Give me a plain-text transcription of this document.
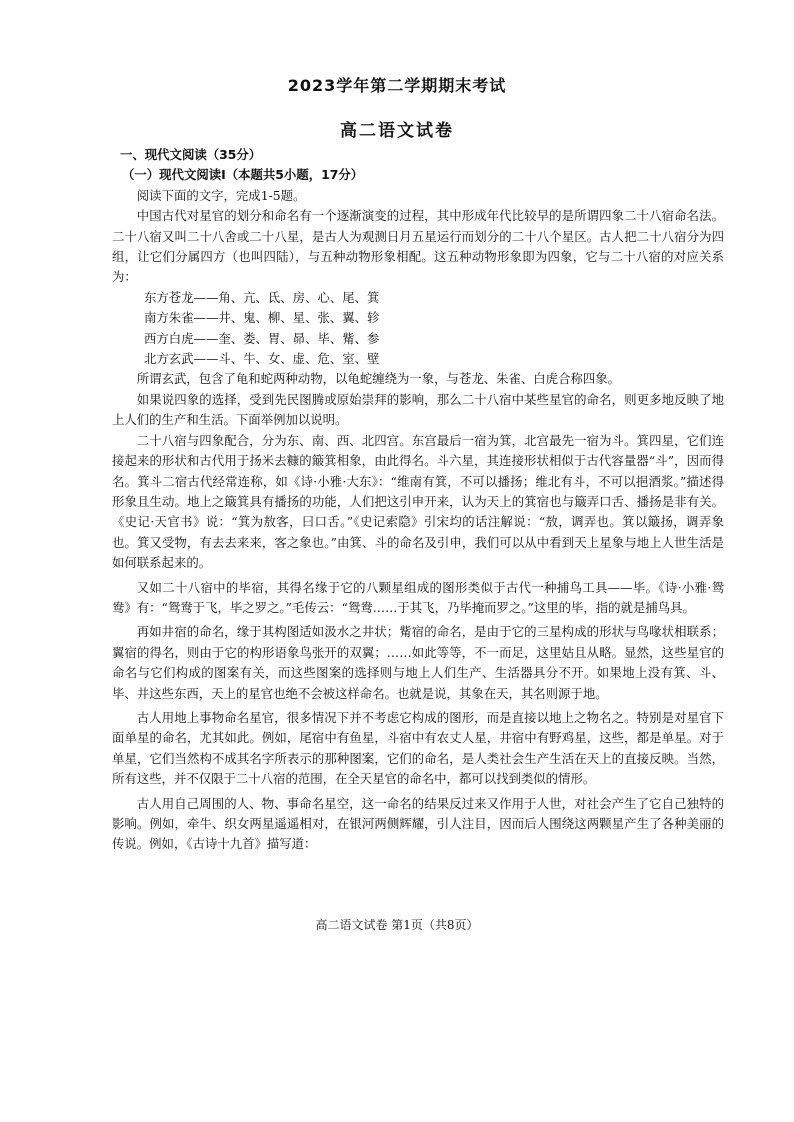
2023学年第二学期期末考试
高二语文试卷
一、现代文阅读（35分）
（一）现代文阅读Ⅰ（本题共5小题，17分）

阅读下面的文字，完成1-5题。

中国古代对星官的划分和命名有一个逐渐演变的过程，其中形成年代比较早的是所谓四象二十八宿命名法。二十八宿又叫二十八舍或二十八星，是古人为观测日月五星运行而划分的二十八个星区。古人把二十八宿分为四组，让它们分属四方（也叫四陆），与五种动物形象相配。这五种动物形象即为四象，它与二十八宿的对应关系为：

东方苍龙——角、亢、氐、房、心、尾、箕
南方朱雀——井、鬼、柳、星、张、翼、轸
西方白虎——奎、娄、胃、昴、毕、觜、参
北方玄武——斗、牛、女、虚、危、室、壁

所谓玄武，包含了龟和蛇两种动物，以龟蛇缠绕为一象，与苍龙、朱雀、白虎合称四象。

如果说四象的选择，受到先民图腾或原始崇拜的影响，那么二十八宿中某些星官的命名，则更多地反映了地上人们的生产和生活。下面举例加以说明。

二十八宿与四象配合，分为东、南、西、北四宫。东宫最后一宿为箕，北宫最先一宿为斗。箕四星，它们连接起来的形状和古代用于扬米去糠的簸箕相象，由此得名。斗六星，其连接形状相似于古代容量器“斗”，因而得名。箕斗二宿古代经常连称，如《诗·小雅·大东》：“维南有箕，不可以播扬；维北有斗，不可以挹酒浆。”描述得形象且生动。地上之簸箕具有播扬的功能，人们把这引申开来，认为天上的箕宿也与簸弄口舌、播扬是非有关。《史记·天官书》说：“箕为敖客，曰口舌。”《史记索隐》引宋均的话注解说：“敖，调弄也。箕以簸扬，调弄象也。箕又受物，有去去来来，客之象也。”由箕、斗的命名及引申，我们可以从中看到天上星象与地上人世生活是如何联系起来的。

又如二十八宿中的毕宿，其得名缘于它的八颗星组成的图形类似于古代一种捕鸟工具——毕。《诗·小雅·鸳鸯》有：“鸳鸯于飞，毕之罗之。”毛传云：“鸳鸯……于其飞，乃毕掩而罗之。”这里的毕，指的就是捕鸟具。

再如井宿的命名，缘于其构图适如汲水之井状；觜宿的命名，是由于它的三星构成的形状与鸟喙状相联系；翼宿的得名，则由于它的构形语象鸟张开的双翼；……如此等等，不一而足，这里姑且从略。显然，这些星官的命名与它们构成的图案有关，而这些图案的选择则与地上人们生产、生活器具分不开。如果地上没有箕、斗、毕、井这些东西，天上的星官也绝不会被这样命名。也就是说，其象在天，其名则源于地。

古人用地上事物命名星官，很多情况下并不考虑它构成的图形，而是直接以地上之物名之。特别是对星官下面单星的命名，尤其如此。例如，尾宿中有鱼星，斗宿中有农丈人星，井宿中有野鸡星，这些，都是单星。对于单星，它们当然构不成其名字所表示的那种图案，它们的命名，是人类社会生产生活在天上的直接反映。当然，所有这些，并不仅限于二十八宿的范围，在全天星官的命名中，都可以找到类似的情形。

古人用自己周围的人、物、事命名星空，这一命名的结果反过来又作用于人世，对社会产生了它自己独特的影响。例如，牵牛、织女两星遥遥相对，在银河两侧辉耀，引人注目，因而后人围绕这两颗星产生了各种美丽的传说。例如，《古诗十九首》描写道：

高二语文试卷 第1页（共8页）
